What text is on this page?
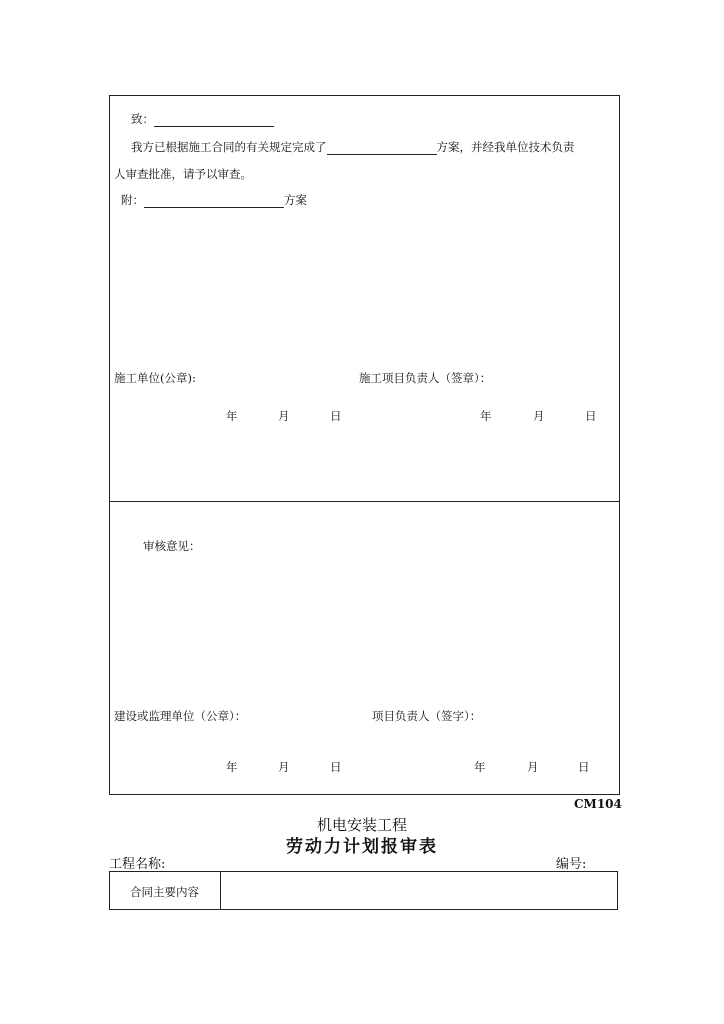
致：
我方已根据施工合同的有关规定完成了	方案，并经我单位技术负责
人审查批准，请予以审查。
附：	方案
施工单位(公章):	施工项目负责人（签章）：
年	月	日	年	月	日
审核意见：
建设或监理单位（公章）：	项目负责人（签字）：
年	月	日	年	月	日
CM104
机电安装工程
劳动力计划报审表
工程名称:	编号:
合同主要内容
